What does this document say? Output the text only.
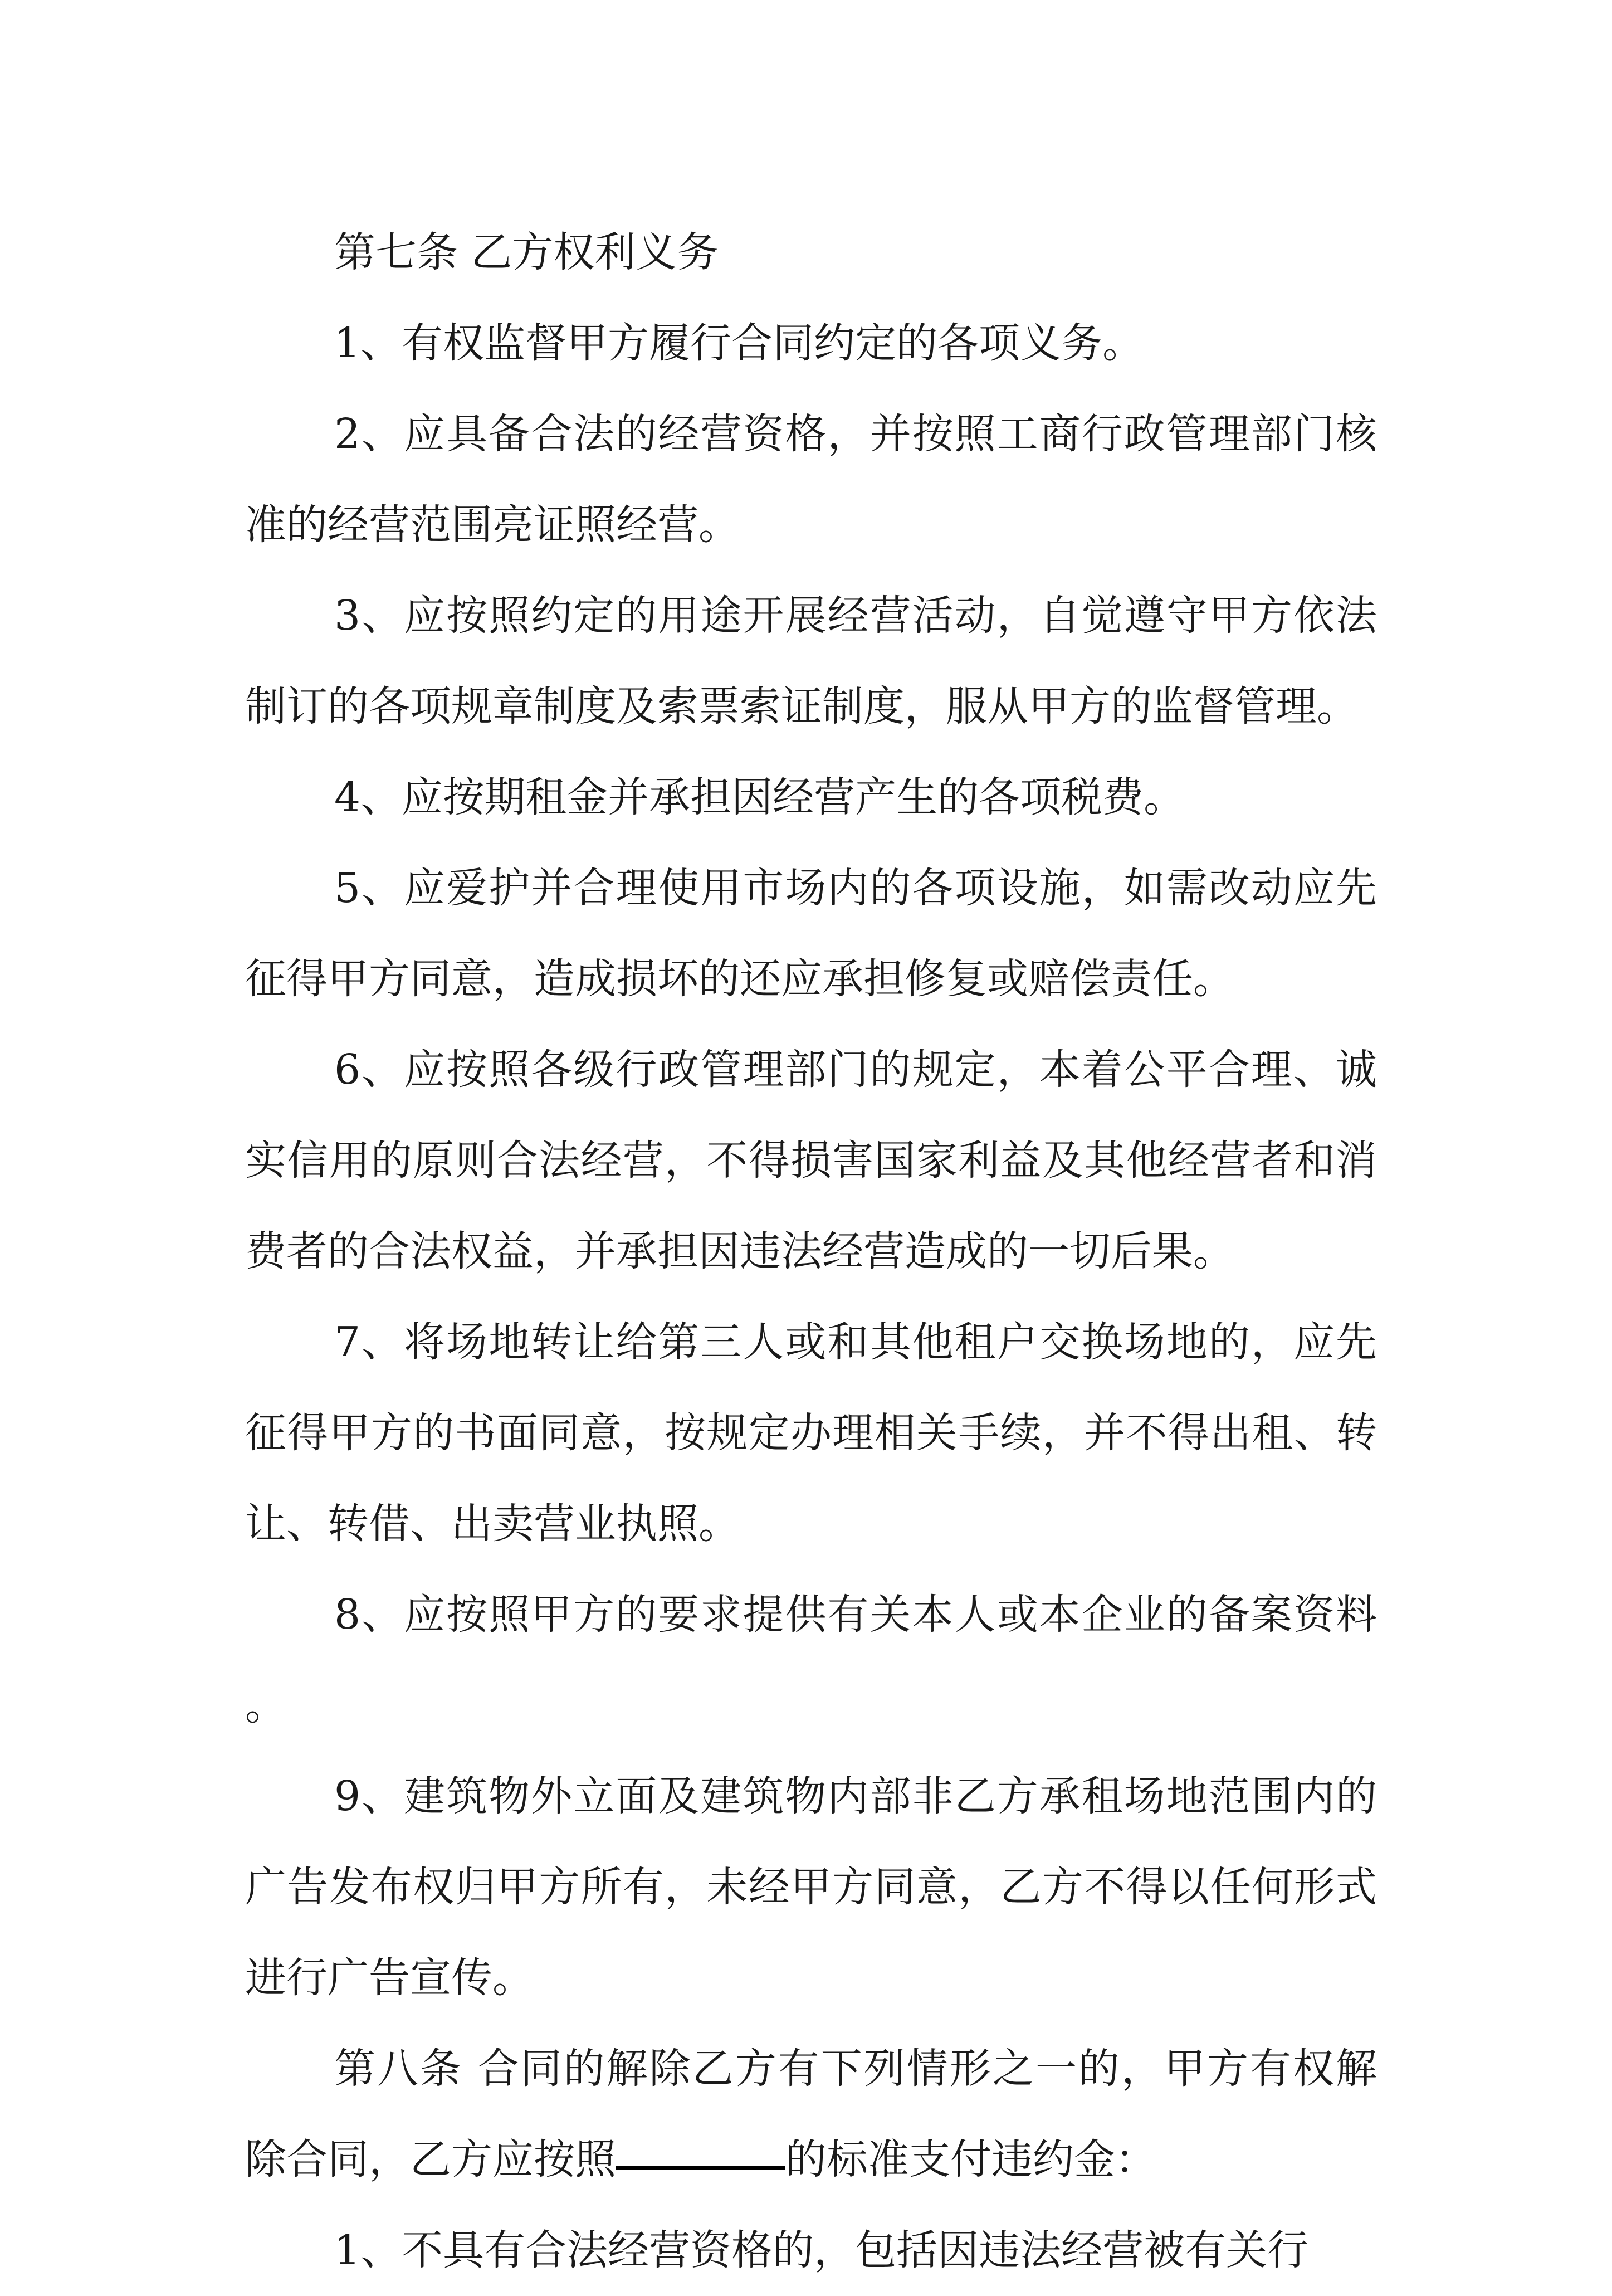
第七条 乙方权利义务

1、有权监督甲方履行合同约定的各项义务。

2、应具备合法的经营资格，并按照工商行政管理部门核准的经营范围亮证照经营。

3、应按照约定的用途开展经营活动，自觉遵守甲方依法制订的各项规章制度及索票索证制度，服从甲方的监督管理。

4、应按期租金并承担因经营产生的各项税费。

5、应爱护并合理使用市场内的各项设施，如需改动应先征得甲方同意，造成损坏的还应承担修复或赔偿责任。

6、应按照各级行政管理部门的规定，本着公平合理、诚实信用的原则合法经营，不得损害国家利益及其他经营者和消费者的合法权益，并承担因违法经营造成的一切后果。

7、将场地转让给第三人或和其他租户交换场地的，应先征得甲方的书面同意，按规定办理相关手续，并不得出租、转让、转借、出卖营业执照。

8、应按照甲方的要求提供有关本人或本企业的备案资料。

9、建筑物外立面及建筑物内部非乙方承租场地范围内的广告发布权归甲方所有，未经甲方同意，乙方不得以任何形式进行广告宣传。

第八条 合同的解除乙方有下列情形之一的，甲方有权解除合同，乙方应按照	的标准支付违约金：

1、不具有合法经营资格的，包括因违法经营被有关行
